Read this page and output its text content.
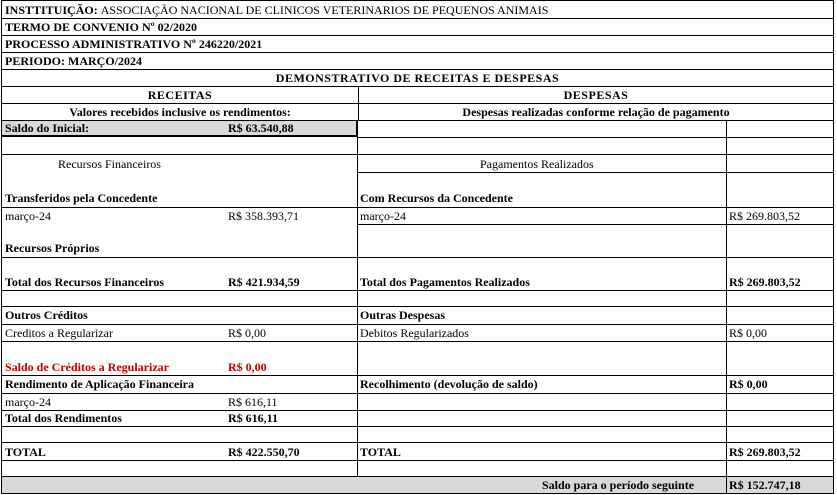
INSTTITUIÇÃO:
ASSOCIAÇÃO NACIONAL DE CLINICOS VETERINARIOS DE PEQUENOS ANIMAIS
TERMO DE CONVENIO Nº 02/2020
PROCESSO ADMINISTRATIVO Nº 246220/2021
PERIODO: MARÇO/2024
DEMONSTRATIVO DE RECEITAS E DESPESAS
RECEITAS	DESPESAS
Valores recebidos inclusive os rendimentos:	Despesas realizadas conforme relação de pagamento
Saldo do Inicial:	R$ 63.540,88
Recursos Financeiros	Pagamentos Realizados
Transferidos pela Concedente	Com Recursos da Concedente
março-24	R$ 358.393,71	março-24	R$ 269.803,52
Recursos Próprios
Total dos Recursos Financeiros	R$ 421.934,59	Total dos Pagamentos Realizados	R$ 269.803,52
Outros Créditos	Outras Despesas
Creditos a Regularizar	R$ 0,00	Debitos Regularizados	R$ 0,00
Saldo de Créditos a Regularizar	R$ 0,00
Rendimento de Aplicação Financeira	Recolhimento (devolução de saldo)	R$ 0,00
março-24	R$ 616,11
Total dos Rendimentos	R$ 616,11
TOTAL	R$ 422.550,70	TOTAL	R$ 269.803,52
Saldo para o período seguinte	R$ 152.747,18
